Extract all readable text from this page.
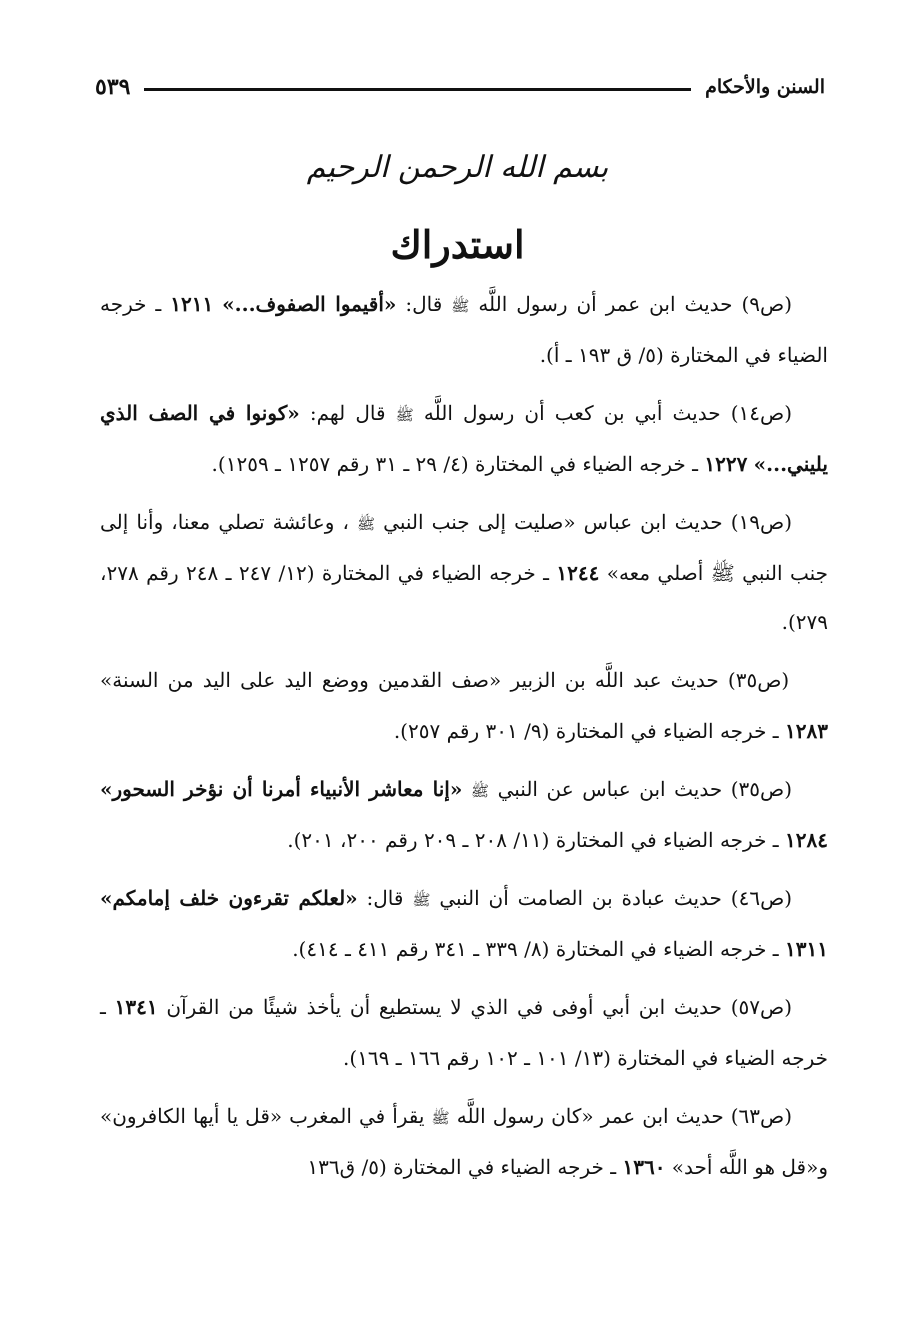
السنن والأحكام
٥٣٩
بسم الله الرحمن الرحيم
استدراك

(ص٩) حديث ابن عمر أن رسول اللَّه ﷺ قال: «أقيموا الصفوف...» ١٢١١ ـ خرجه الضياء في المختارة (٥/ ق ١٩٣ ـ أ).

(ص١٤) حديث أبي بن كعب أن رسول اللَّه ﷺ قال لهم: «كونوا في الصف الذي يليني...» ١٢٢٧ ـ خرجه الضياء في المختارة (٤/ ٢٩ ـ ٣١ رقم ١٢٥٧ ـ ١٢٥٩).

(ص١٩) حديث ابن عباس «صليت إلى جنب النبي ﷺ ، وعائشة تصلي معنا، وأنا إلى جنب النبي ﷺ أصلي معه» ١٢٤٤ ـ خرجه الضياء في المختارة (١٢/ ٢٤٧ ـ ٢٤٨ رقم ٢٧٨، ٢٧٩).

(ص٣٥) حديث عبد اللَّه بن الزبير «صف القدمين ووضع اليد على اليد من السنة» ١٢٨٣ ـ خرجه الضياء في المختارة (٩/ ٣٠١ رقم ٢٥٧).

(ص٣٥) حديث ابن عباس عن النبي ﷺ «إنا معاشر الأنبياء أمرنا أن نؤخر السحور» ١٢٨٤ ـ خرجه الضياء في المختارة (١١/ ٢٠٨ ـ ٢٠٩ رقم ٢٠٠، ٢٠١).

(ص٤٦) حديث عبادة بن الصامت أن النبي ﷺ قال: «لعلكم تقرءون خلف إمامكم» ١٣١١ ـ خرجه الضياء في المختارة (٨/ ٣٣٩ ـ ٣٤١ رقم ٤١١ ـ ٤١٤).

(ص٥٧) حديث ابن أبي أوفى في الذي لا يستطيع أن يأخذ شيئًا من القرآن ١٣٤١ ـ خرجه الضياء في المختارة (١٣/ ١٠١ ـ ١٠٢ رقم ١٦٦ ـ ١٦٩).

(ص٦٣) حديث ابن عمر «كان رسول اللَّه ﷺ يقرأ في المغرب «قل يا أيها الكافرون» و«قل هو اللَّه أحد» ١٣٦٠ ـ خرجه الضياء في المختارة (٥/ ق١٣٦
